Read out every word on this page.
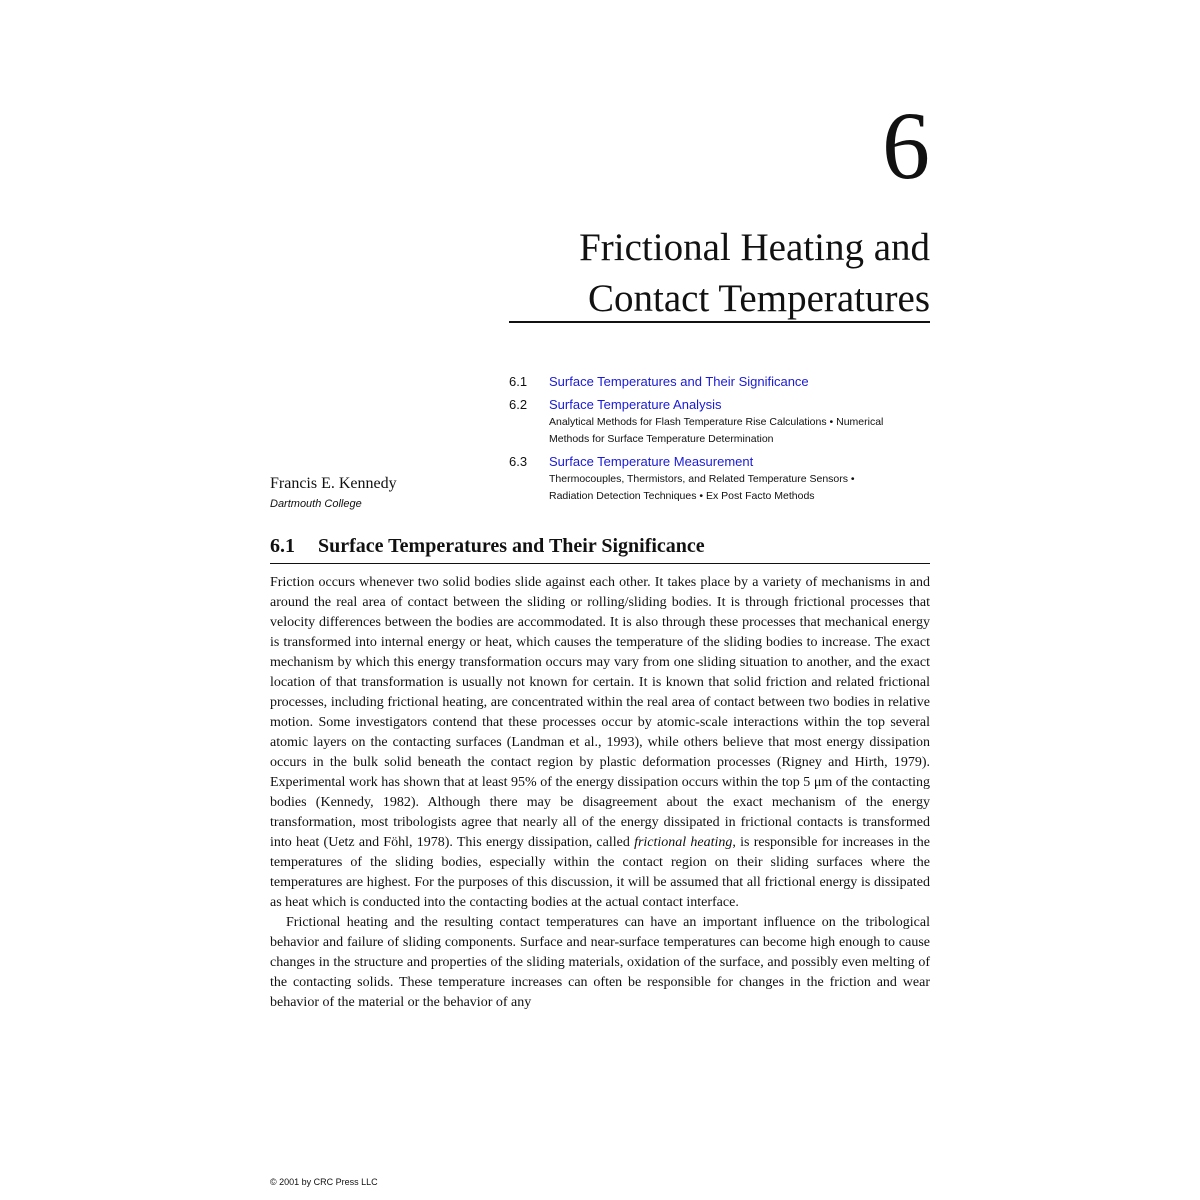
6
Frictional Heating and
Contact Temperatures
6.1	Surface Temperatures and Their Significance
6.2	Surface Temperature Analysis
Analytical Methods for Flash Temperature Rise Calculations • Numerical Methods for Surface Temperature Determination
6.3	Surface Temperature Measurement
Thermocouples, Thermistors, and Related Temperature Sensors • Radiation Detection Techniques • Ex Post Facto Methods
Francis E. Kennedy
Dartmouth College
6.1 Surface Temperatures and Their Significance

Friction occurs whenever two solid bodies slide against each other. It takes place by a variety of mechanisms in and around the real area of contact between the sliding or rolling/sliding bodies. It is through frictional processes that velocity differences between the bodies are accommodated. It is also through these processes that mechanical energy is transformed into internal energy or heat, which causes the temperature of the sliding bodies to increase. The exact mechanism by which this energy transformation occurs may vary from one sliding situation to another, and the exact location of that transformation is usually not known for certain. It is known that solid friction and related frictional processes, including frictional heating, are concentrated within the real area of contact between two bodies in relative motion. Some investigators contend that these processes occur by atomic-scale interactions within the top several atomic layers on the contacting surfaces (Landman et al., 1993), while others believe that most energy dissipation occurs in the bulk solid beneath the contact region by plastic deformation processes (Rigney and Hirth, 1979). Experimental work has shown that at least 95% of the energy dissipation occurs within the top 5 μm of the contacting bodies (Kennedy, 1982). Although there may be disagreement about the exact mechanism of the energy transformation, most tribologists agree that nearly all of the energy dissipated in frictional contacts is transformed into heat (Uetz and Föhl, 1978). This energy dissipation, called frictional heating, is responsible for increases in the temperatures of the sliding bodies, especially within the contact region on their sliding surfaces where the temperatures are highest. For the purposes of this discussion, it will be assumed that all frictional energy is dissipated as heat which is conducted into the contacting bodies at the actual contact interface.

Frictional heating and the resulting contact temperatures can have an important influence on the tribological behavior and failure of sliding components. Surface and near-surface temperatures can become high enough to cause changes in the structure and properties of the sliding materials, oxidation of the surface, and possibly even melting of the contacting solids. These temperature increases can often be responsible for changes in the friction and wear behavior of the material or the behavior of any

© 2001 by CRC Press LLC
